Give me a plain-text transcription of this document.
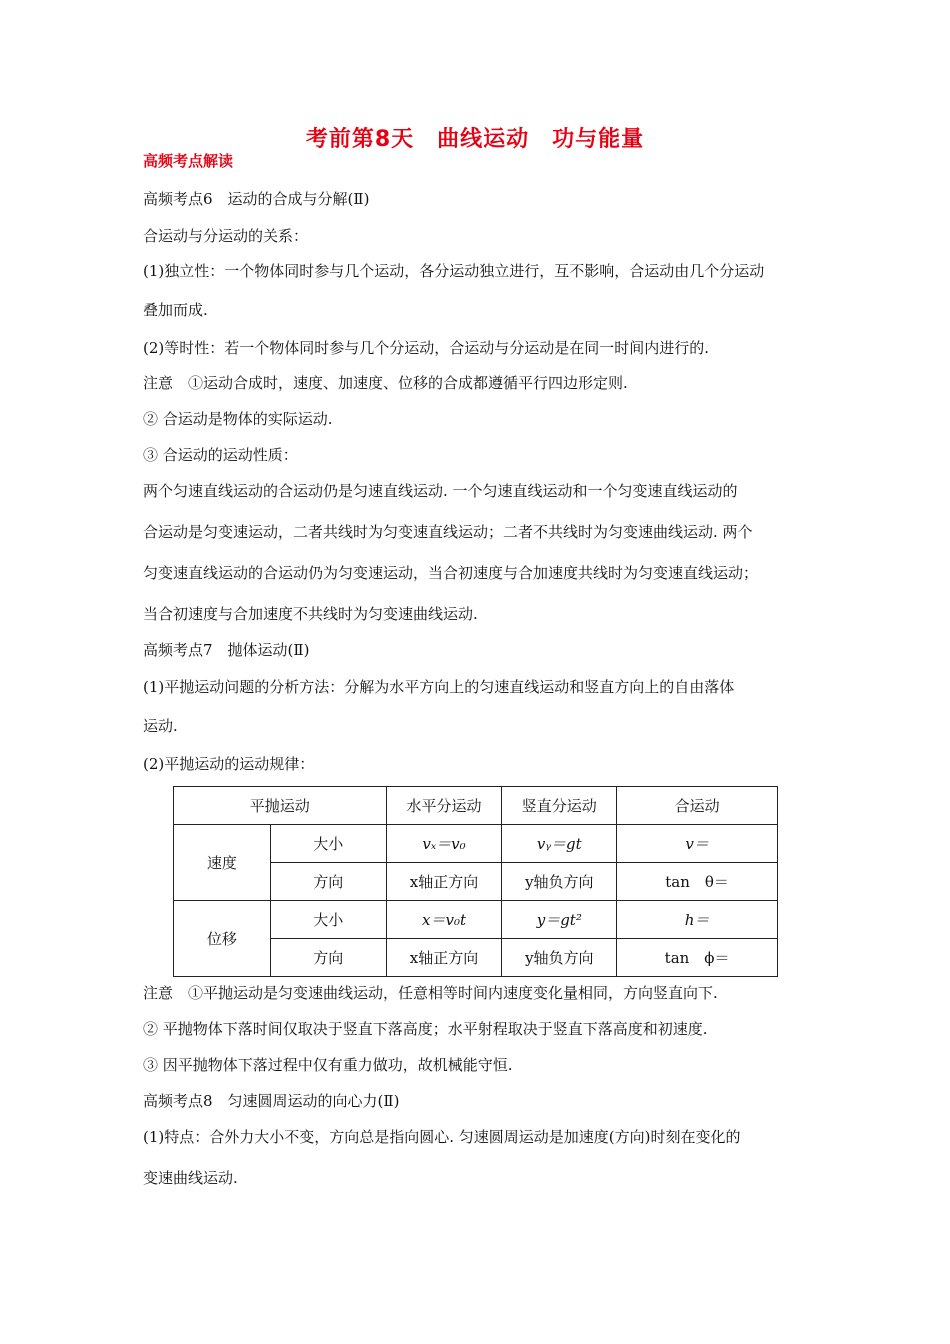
考前第8天　曲线运动　功与能量
高频考点解读
高频考点6　运动的合成与分解(Ⅱ)
合运动与分运动的关系：
(1)独立性：一个物体同时参与几个运动，各分运动独立进行，互不影响，合运动由几个分运动
叠加而成.
(2)等时性：若一个物体同时参与几个分运动，合运动与分运动是在同一时间内进行的.
注意　①运动合成时，速度、加速度、位移的合成都遵循平行四边形定则.
② 合运动是物体的实际运动.
③ 合运动的运动性质：
两个匀速直线运动的合运动仍是匀速直线运动. 一个匀速直线运动和一个匀变速直线运动的
合运动是匀变速运动，二者共线时为匀变速直线运动；二者不共线时为匀变速曲线运动. 两个
匀变速直线运动的合运动仍为匀变速运动，当合初速度与合加速度共线时为匀变速直线运动；
当合初速度与合加速度不共线时为匀变速曲线运动.
高频考点7　抛体运动(Ⅱ)
(1)平抛运动问题的分析方法：分解为水平方向上的匀速直线运动和竖直方向上的自由落体
运动.
(2)平抛运动的运动规律：
平抛运动		水平分运动	竖直分运动	合运动
速度	大小	vₓ＝v₀	vᵧ＝gt	v＝
	方向	x轴正方向	y轴负方向	tan　θ＝
位移	大小	x＝v₀t	y＝gt²	h＝
	方向	x轴正方向	y轴负方向	tan　ϕ＝
注意　①平抛运动是匀变速曲线运动，任意相等时间内速度变化量相同，方向竖直向下.
② 平抛物体下落时间仅取决于竖直下落高度；水平射程取决于竖直下落高度和初速度.
③ 因平抛物体下落过程中仅有重力做功，故机械能守恒.
高频考点8　匀速圆周运动的向心力(Ⅱ)
(1)特点：合外力大小不变，方向总是指向圆心. 匀速圆周运动是加速度(方向)时刻在变化的
变速曲线运动.
